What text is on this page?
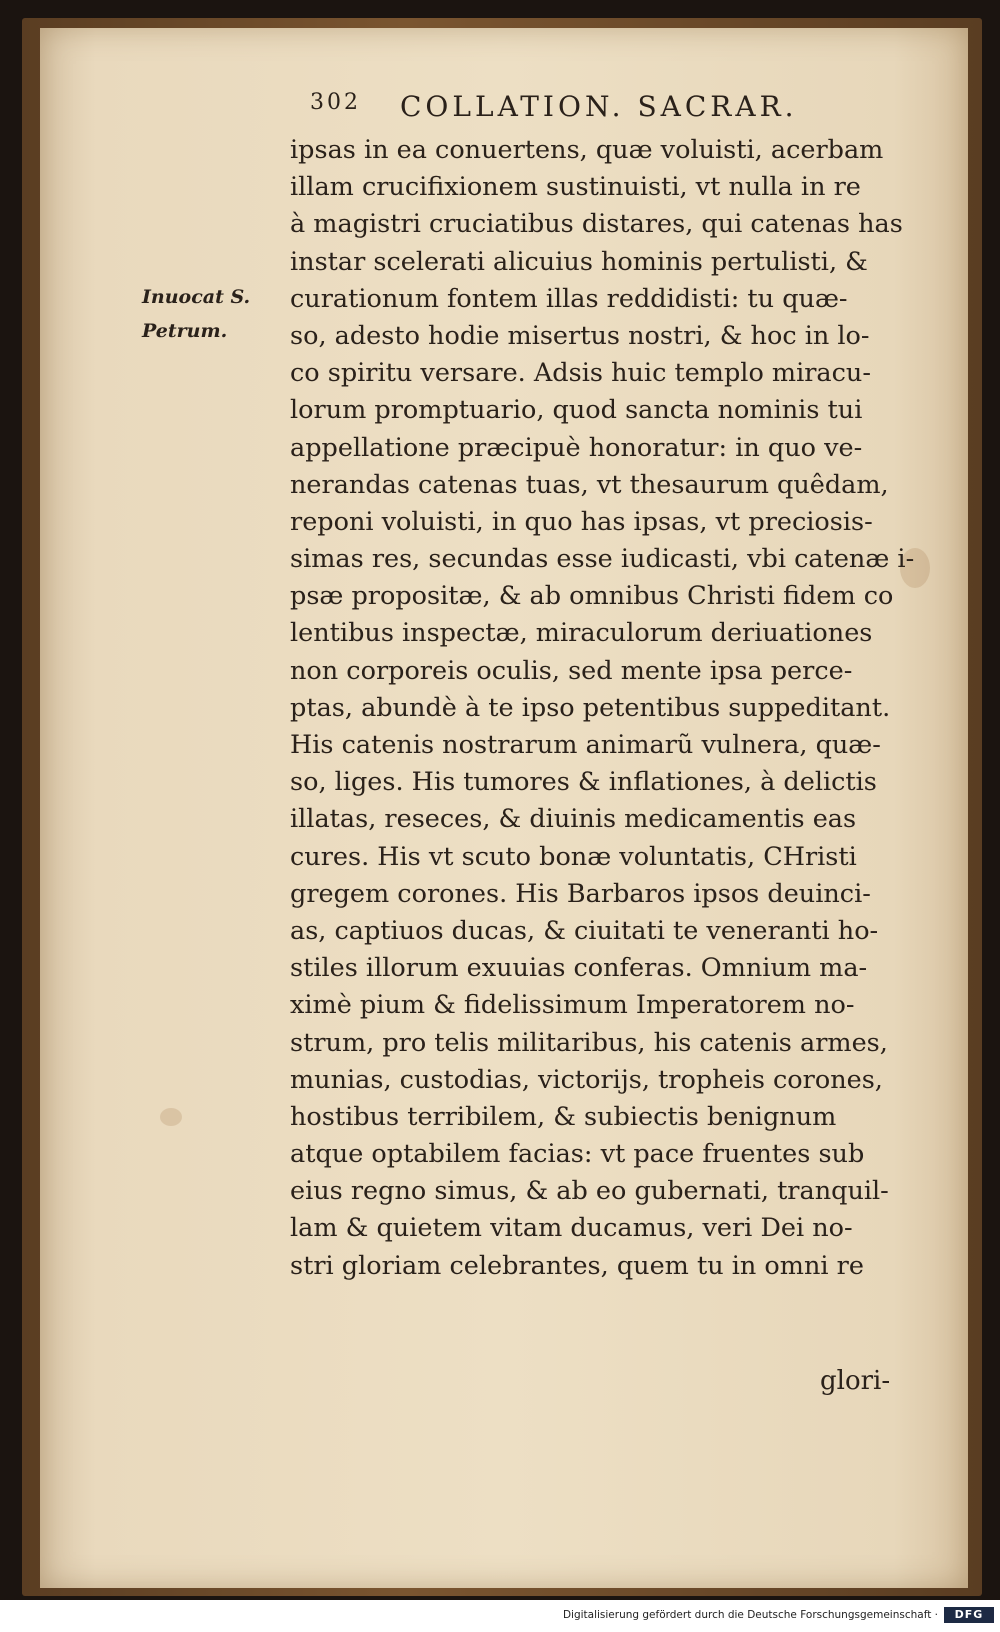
302 COLLATION. SACRAR.
Inuocat S.
Petrum.
ipsas in ea conuertens, quæ voluisti, acerbam
illam crucifixionem sustinuisti, vt nulla in re
à magistri cruciatibus distares, qui catenas has
instar scelerati alicuius hominis pertulisti, &
curationum fontem illas reddidisti: tu quæ-
so, adesto hodie misertus nostri, & hoc in lo-
co spiritu versare. Adsis huic templo miracu-
lorum promptuario, quod sancta nominis tui
appellatione præcipuè honoratur: in quo ve-
nerandas catenas tuas, vt thesaurum quêdam,
reponi voluisti, in quo has ipsas, vt preciosis-
simas res, secundas esse iudicasti, vbi catenæ i-
psæ propositæ, & ab omnibus Christi fidem co
lentibus inspectæ, miraculorum deriuationes
non corporeis oculis, sed mente ipsa perce-
ptas, abundè à te ipso petentibus suppeditant.
His catenis nostrarum animarũ vulnera, quæ-
so, liges. His tumores & inflationes, à delictis
illatas, reseces, & diuinis medicamentis eas
cures. His vt scuto bonæ voluntatis, CHristi
gregem corones. His Barbaros ipsos deuinci-
as, captiuos ducas, & ciuitati te veneranti ho-
stiles illorum exuuias conferas. Omnium ma-
ximè pium & fidelissimum Imperatorem no-
strum, pro telis militaribus, his catenis armes,
munias, custodias, victorijs, tropheis corones,
hostibus terribilem, & subiectis benignum
atque optabilem facias: vt pace fruentes sub
eius regno simus, & ab eo gubernati, tranquil-
lam & quietem vitam ducamus, veri Dei no-
stri gloriam celebrantes, quem tu in omni re
glori-
Digitalisierung gefördert durch die Deutsche Forschungsgemeinschaft ·	DFG
